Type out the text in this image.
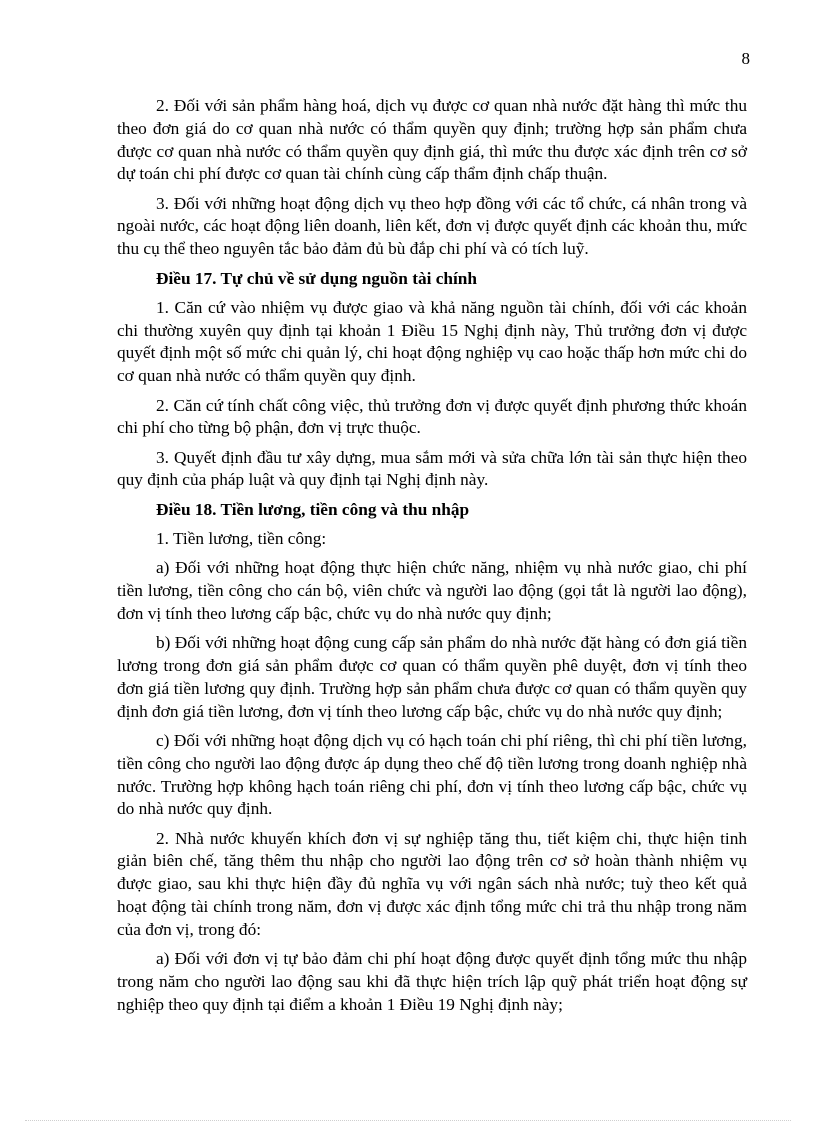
8

2. Đối với sản phẩm hàng hoá, dịch vụ được cơ quan nhà nước đặt hàng thì mức thu theo đơn giá do cơ quan nhà nước có thẩm quyền quy định; trường hợp sản phẩm chưa được cơ quan nhà nước có thẩm quyền quy định giá, thì mức thu được xác định trên cơ sở dự toán chi phí được cơ quan tài chính cùng cấp thẩm định chấp thuận.

3. Đối với những hoạt động dịch vụ theo hợp đồng với các tổ chức, cá nhân trong và ngoài nước, các hoạt động liên doanh, liên kết, đơn vị được quyết định các khoản thu, mức thu cụ thể theo nguyên tắc bảo đảm đủ bù đắp chi phí và có tích luỹ.

Điều 17. Tự chủ về sử dụng nguồn tài chính

1. Căn cứ vào nhiệm vụ được giao và khả năng nguồn tài chính, đối với các khoản chi thường xuyên quy định tại khoản 1 Điều 15 Nghị định này, Thủ trưởng đơn vị được quyết định một số mức chi quản lý, chi hoạt động nghiệp vụ cao hoặc thấp hơn mức chi do cơ quan nhà nước có thẩm quyền quy định.

2. Căn cứ tính chất công việc, thủ trưởng đơn vị được quyết định phương thức khoán chi phí cho từng bộ phận, đơn vị trực thuộc.

3. Quyết định đầu tư xây dựng, mua sắm mới và sửa chữa lớn tài sản thực hiện theo quy định của pháp luật và quy định tại Nghị định này.

Điều 18. Tiền lương, tiền công và thu nhập

1. Tiền lương, tiền công:

a) Đối với những hoạt động thực hiện chức năng, nhiệm vụ nhà nước giao, chi phí tiền lương, tiền công cho cán bộ, viên chức và người lao động (gọi tắt là người lao động), đơn vị tính theo lương cấp bậc, chức vụ do nhà nước quy định;

b) Đối với những hoạt động cung cấp sản phẩm do nhà nước đặt hàng có đơn giá tiền lương trong đơn giá sản phẩm được cơ quan có thẩm quyền phê duyệt, đơn vị tính theo đơn giá tiền lương quy định. Trường hợp sản phẩm chưa được cơ quan có thẩm quyền quy định đơn giá tiền lương, đơn vị tính theo lương cấp bậc, chức vụ do nhà nước quy định;

c) Đối với những hoạt động dịch vụ có hạch toán chi phí riêng, thì chi phí tiền lương, tiền công cho người lao động được áp dụng theo chế độ tiền lương trong doanh nghiệp nhà nước. Trường hợp không hạch toán riêng chi phí, đơn vị tính theo lương cấp bậc, chức vụ do nhà nước quy định.

2. Nhà nước khuyến khích đơn vị sự nghiệp tăng thu, tiết kiệm chi, thực hiện tinh giản biên chế, tăng thêm thu nhập cho người lao động trên cơ sở hoàn thành nhiệm vụ được giao, sau khi thực hiện đầy đủ nghĩa vụ với ngân sách nhà nước; tuỳ theo kết quả hoạt động tài chính trong năm, đơn vị được xác định tổng mức chi trả thu nhập trong năm của đơn vị, trong đó:

a) Đối với đơn vị tự bảo đảm chi phí hoạt động được quyết định tổng mức thu nhập trong năm cho người lao động sau khi đã thực hiện trích lập quỹ phát triển hoạt động sự nghiệp theo quy định tại điểm a khoản 1 Điều 19 Nghị định này;
